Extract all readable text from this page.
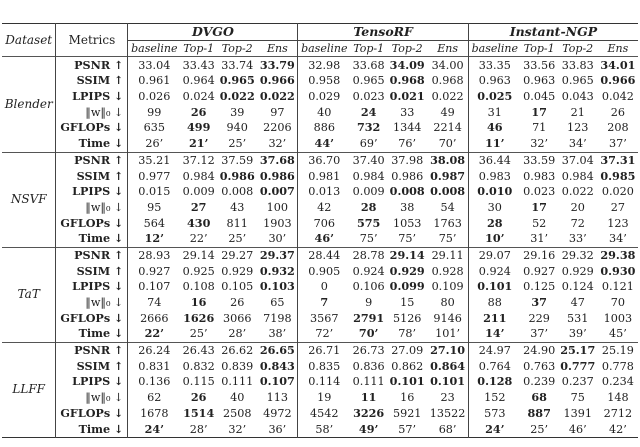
Dataset	Metrics	DVGO				TensoRF				Instant-NGP			
		baseline	Top-1	Top-2	Ens	baseline	Top-1	Top-2	Ens	baseline	Top-1	Top-2	Ens
Blender	PSNR ↑	33.04	33.43	33.74	33.79	32.98	33.68	34.09	34.00	33.35	33.56	33.83	34.01
	SSIM ↑	0.961	0.964	0.965	0.966	0.958	0.965	0.968	0.968	0.963	0.963	0.965	0.966
	LPIPS ↓	0.026	0.024	0.022	0.022	0.029	0.023	0.021	0.022	0.025	0.045	0.043	0.042
	‖w‖₀ ↓	99	26	39	97	40	24	33	49	31	17	21	26
	GFLOPs ↓	635	499	940	2206	886	732	1344	2214	46	71	123	208
	Time ↓	26’	21’	25’	32’	44’	69’	76’	70’	11’	32’	34’	37’
NSVF	PSNR ↑	35.21	37.12	37.59	37.68	36.70	37.40	37.98	38.08	36.44	33.59	37.04	37.31
	SSIM ↑	0.977	0.984	0.986	0.986	0.981	0.984	0.986	0.987	0.983	0.983	0.984	0.985
	LPIPS ↓	0.015	0.009	0.008	0.007	0.013	0.009	0.008	0.008	0.010	0.023	0.022	0.020
	‖w‖₀ ↓	95	27	43	100	42	28	38	54	30	17	20	27
	GFLOPs ↓	564	430	811	1903	706	575	1053	1763	28	52	72	123
	Time ↓	12’	22’	25’	30’	46’	75’	75’	75’	10’	31’	33’	34’
TaT	PSNR ↑	28.93	29.14	29.27	29.37	28.44	28.78	29.14	29.11	29.07	29.16	29.32	29.38
	SSIM ↑	0.927	0.925	0.929	0.932	0.905	0.924	0.929	0.928	0.924	0.927	0.929	0.930
	LPIPS ↓	0.107	0.108	0.105	0.103	0	0.106	0.099	0.109	0.101	0.125	0.124	0.121
	‖w‖₀ ↓	74	16	26	65	7	9	15	80	88	37	47	70
	GFLOPs ↓	2666	1626	3066	7198	3567	2791	5126	9146	211	229	531	1003
	Time ↓	22’	25’	28’	38’	72’	70’	78’	101’	14’	37’	39’	45’
LLFF	PSNR ↑	26.24	26.43	26.62	26.65	26.71	26.73	27.09	27.10	24.97	24.90	25.17	25.19
	SSIM ↑	0.831	0.832	0.839	0.843	0.835	0.836	0.862	0.864	0.764	0.763	0.777	0.778
	LPIPS ↓	0.136	0.115	0.111	0.107	0.114	0.111	0.101	0.101	0.128	0.239	0.237	0.234
	‖w‖₀ ↓	62	26	40	113	19	11	16	23	152	68	75	148
	GFLOPs ↓	1678	1514	2508	4972	4542	3226	5921	13522	573	887	1391	2712
	Time ↓	24’	28’	32’	36’	58’	49’	57’	68’	24’	25’	46’	42’
